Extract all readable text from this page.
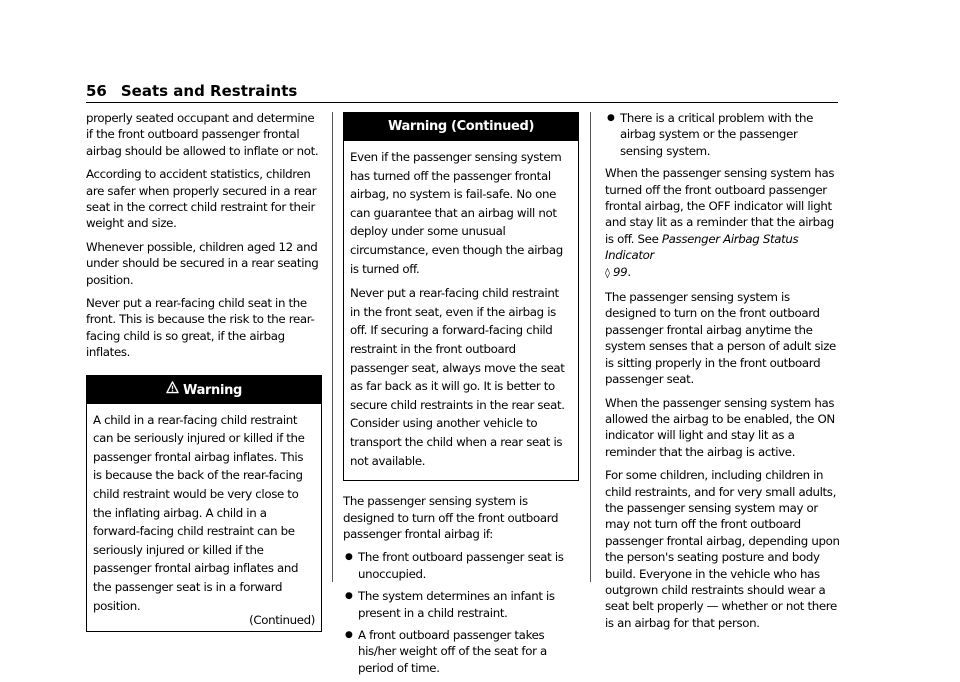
56 Seats and Restraints

properly seated occupant and determine if the front outboard passenger frontal airbag should be allowed to inflate or not.

According to accident statistics, children are safer when properly secured in a rear seat in the correct child restraint for their weight and size.

Whenever possible, children aged 12 and under should be secured in a rear seating position.

Never put a rear-facing child seat in the front. This is because the risk to the rear-facing child is so great, if the airbag inflates.

Warning
A child in a rear-facing child restraint can be seriously injured or killed if the passenger frontal airbag inflates. This is because the back of the rear-facing child restraint would be very close to the inflating airbag. A child in a forward-facing child restraint can be seriously injured or killed if the passenger frontal airbag inflates and the passenger seat is in a forward position.
(Continued)
Warning (Continued)

Even if the passenger sensing system has turned off the passenger frontal airbag, no system is fail-safe. No one can guarantee that an airbag will not deploy under some unusual circumstance, even though the airbag is turned off.

Never put a rear-facing child restraint in the front seat, even if the airbag is off. If securing a forward-facing child restraint in the front outboard passenger seat, always move the seat as far back as it will go. It is better to secure child restraints in the rear seat. Consider using another vehicle to transport the child when a rear seat is not available.

The passenger sensing system is designed to turn off the front outboard passenger frontal airbag if:

● The front outboard passenger seat is unoccupied.
● The system determines an infant is present in a child restraint.
● A front outboard passenger takes his/her weight off of the seat for a period of time.
● There is a critical problem with the airbag system or the passenger sensing system.

When the passenger sensing system has turned off the front outboard passenger frontal airbag, the OFF indicator will light and stay lit as a reminder that the airbag is off. See Passenger Airbag Status Indicator
◊ 99.

The passenger sensing system is designed to turn on the front outboard passenger frontal airbag anytime the system senses that a person of adult size is sitting properly in the front outboard passenger seat.

When the passenger sensing system has allowed the airbag to be enabled, the ON indicator will light and stay lit as a reminder that the airbag is active.

For some children, including children in child restraints, and for very small adults, the passenger sensing system may or may not turn off the front outboard passenger frontal airbag, depending upon the person's seating posture and body build. Everyone in the vehicle who has outgrown child restraints should wear a seat belt properly — whether or not there is an airbag for that person.
